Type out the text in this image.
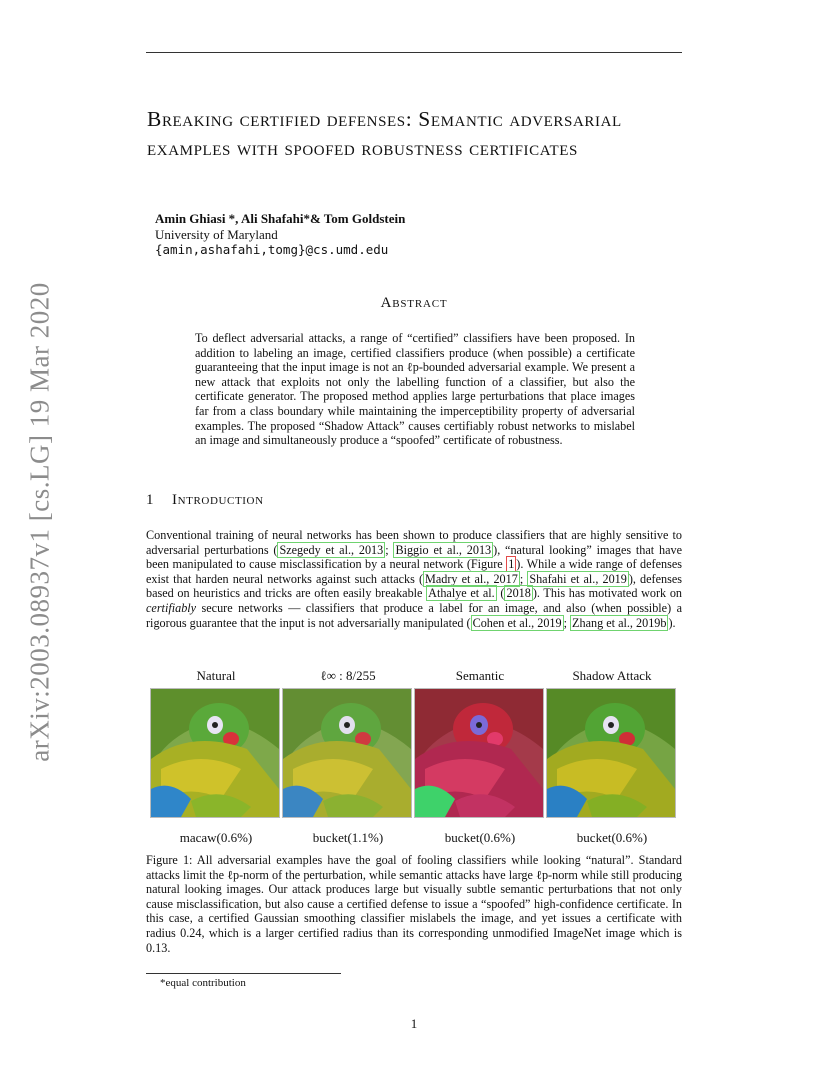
arXiv:2003.08937v1 [cs.LG] 19 Mar 2020
Breaking certified defenses: Semantic adversarial examples with spoofed robustness certificates
Amin Ghiasi *, Ali Shafahi*& Tom Goldstein
University of Maryland
{amin,ashafahi,tomg}@cs.umd.edu
Abstract

To deflect adversarial attacks, a range of “certified” classifiers have been proposed. In addition to labeling an image, certified classifiers produce (when possible) a certificate guaranteeing that the input image is not an ℓp-bounded adversarial example. We present a new attack that exploits not only the labelling function of a classifier, but also the certificate generator. The proposed method applies large perturbations that place images far from a class boundary while maintaining the imperceptibility property of adversarial examples. The proposed “Shadow Attack” causes certifiably robust networks to mislabel an image and simultaneously produce a “spoofed” certificate of robustness.

1 Introduction

Conventional training of neural networks has been shown to produce classifiers that are highly sensitive to adversarial perturbations ( Szegedy et al., 2013 ; Biggio et al., 2013 ), “natural looking” images that have been manipulated to cause misclassification by a neural network (Figure 1 ). While a wide range of defenses exist that harden neural networks against such attacks ( Madry et al., 2017 ; Shafahi et al., 2019 ), defenses based on heuristics and tricks are often easily breakable Athalye et al. ( 2018 ). This has motivated work on certifiably secure networks — classifiers that produce a label for an image, and also (when possible) a rigorous guarantee that the input is not adversarially manipulated ( Cohen et al., 2019 ; Zhang et al., 2019b ).

Natural
macaw(0.6%)
ℓ∞ : 8/255
bucket(1.1%)
Semantic
bucket(0.6%)
Shadow Attack
bucket(0.6%)

Figure 1: All adversarial examples have the goal of fooling classifiers while looking “natural”. Standard attacks limit the ℓp-norm of the perturbation, while semantic attacks have large ℓp-norm while still producing natural looking images. Our attack produces large but visually subtle semantic perturbations that not only cause misclassification, but also cause a certified defense to issue a “spoofed” high-confidence certificate. In this case, a certified Gaussian smoothing classifier mislabels the image, and yet issues a certificate with radius 0.24, which is a larger certified radius than its corresponding unmodified ImageNet image which is 0.13.

*equal contribution
1
